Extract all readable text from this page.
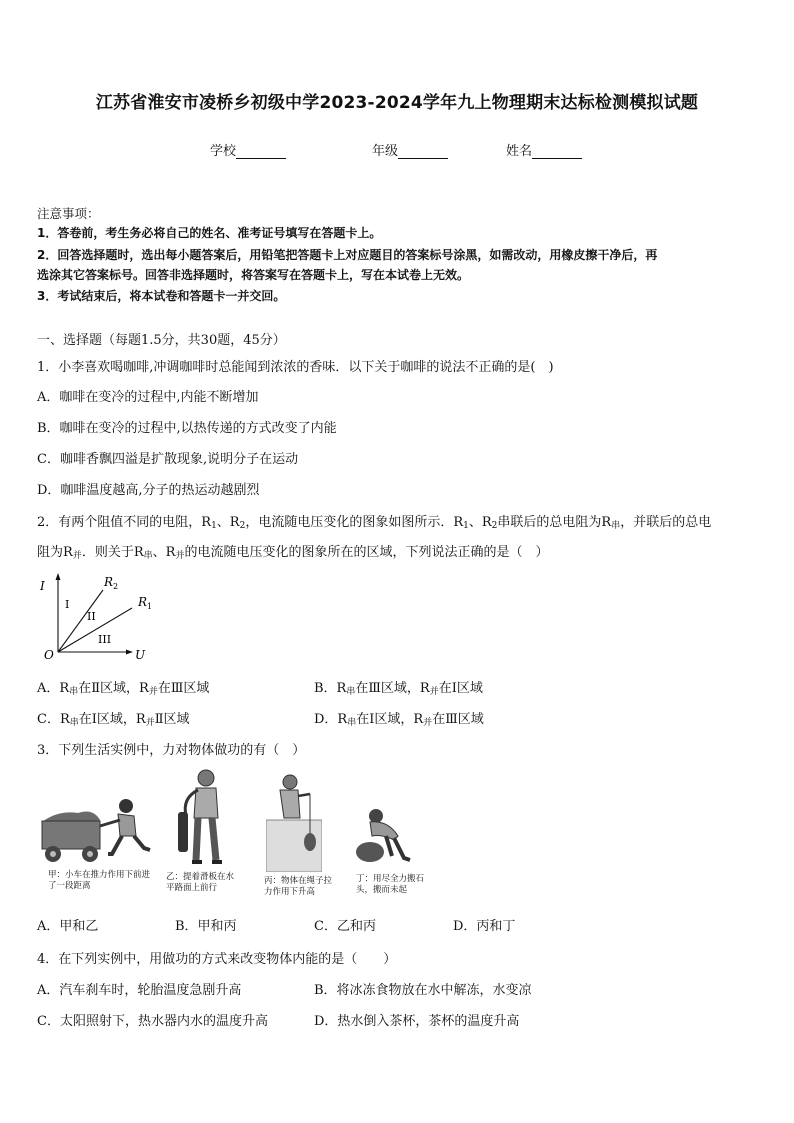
江苏省淮安市凌桥乡初级中学2023-2024学年九上物理期末达标检测模拟试题
学校	年级	姓名
注意事项：
1．答卷前，考生务必将自己的姓名、准考证号填写在答题卡上。
2．回答选择题时，选出每小题答案后，用铅笔把答题卡上对应题目的答案标号涂黑，如需改动，用橡皮擦干净后，再
选涂其它答案标号。回答非选择题时，将答案写在答题卡上，写在本试卷上无效。
3．考试结束后，将本试卷和答题卡一并交回。
一、选择题（每题1.5分，共30题，45分）
1．小李喜欢喝咖啡,冲调咖啡时总能闻到浓浓的香味．以下关于咖啡的说法不正确的是(　)
A．咖啡在变冷的过程中,内能不断增加
B．咖啡在变冷的过程中,以热传递的方式改变了内能
C．咖啡香飘四溢是扩散现象,说明分子在运动
D．咖啡温度越高,分子的热运动越剧烈
2．有两个阻值不同的电阻，$R_1$、$R_2$，电流随电压变化的图象如图所示．$R_1$、$R_2$串联后的总电阻为$R_串$，并联后的总电
阻为$R_并$．则关于$R_串$、$R_并$的电流随电压变化的图象所在的区域，下列说法正确的是（　）
I
U
O
$R_2$
$R_1$
I
II
III
A．$R_串$在Ⅱ区域，$R_并$在Ⅲ区域	B．$R_串$在Ⅲ区域，$R_并$在Ⅰ区域
C．$R_串$在Ⅰ区域，$R_并Ⅱ$区域	D．$R_串$在Ⅰ区域，$R_并$在Ⅲ区域
3．下列生活实例中，力对物体做功的有（　）
甲：小车在推力作用下前进了一段距离
乙：提着滑板在水平路面上前行
丙：物体在绳子拉力作用下升高
丁：用尽全力搬石头，搬而未起
A．甲和乙	B．甲和丙	C．乙和丙	D．丙和丁
4．在下列实例中，用做功的方式来改变物体内能的是（　　）
A．汽车刹车时，轮胎温度急剧升高	B．将冰冻食物放在水中解冻，水变凉
C．太阳照射下，热水器内水的温度升高	D．热水倒入茶杯，茶杯的温度升高
